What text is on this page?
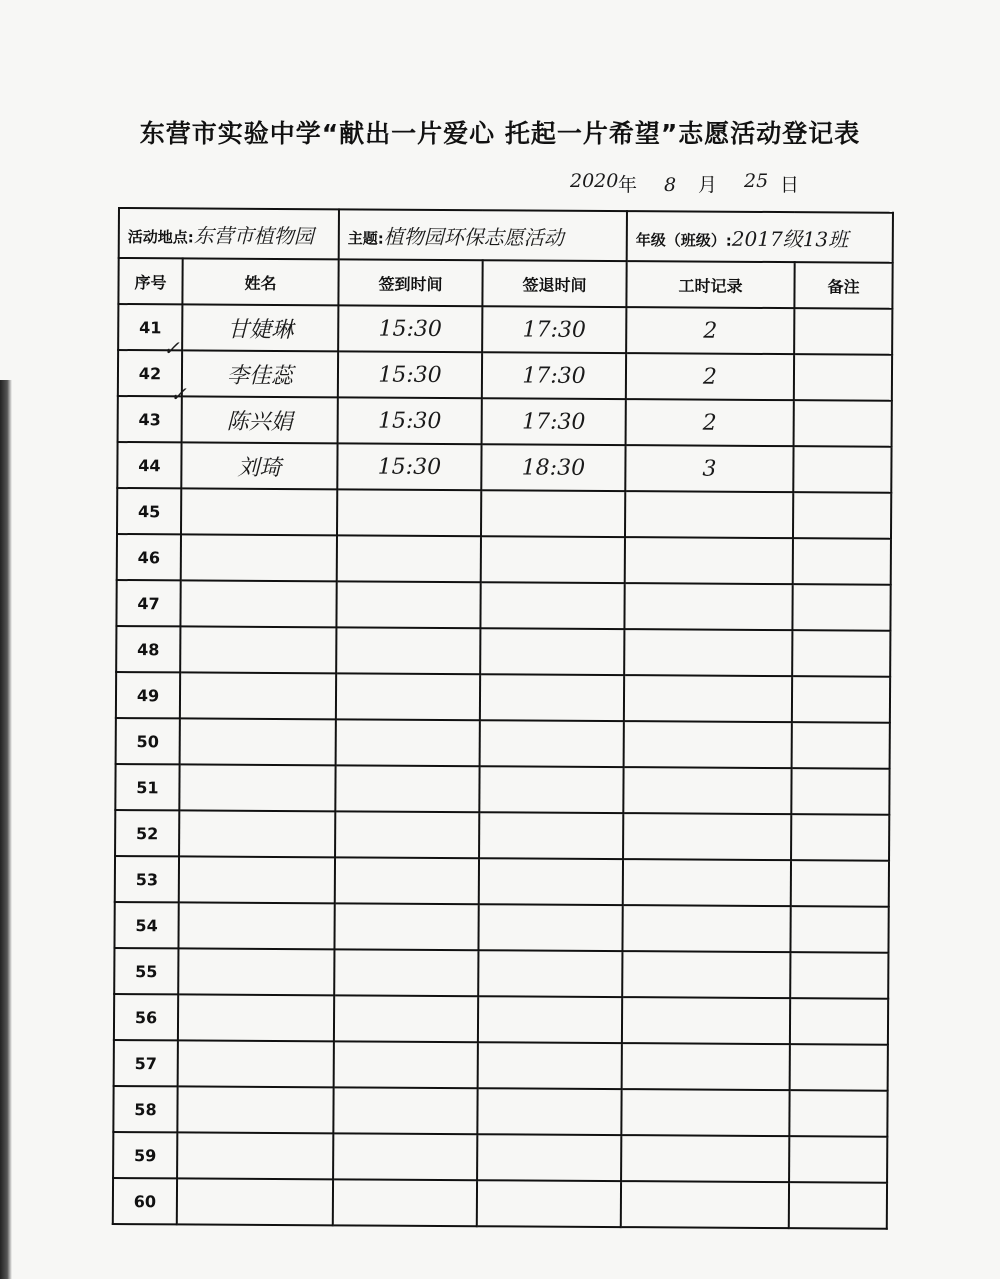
东营市实验中学“献出一片爱心 托起一片希望”志愿活动登记表
2020 年 8 月 25 日
活动地点:东营市植物园		主题:植物园环保志愿活动		年级（班级）:2017级13班	
序号	姓名	签到时间	签退时间	工时记录	备注
41	甘婕琳	15:30	17:30	2	
42	李佳蕊	15:30	17:30	2	
43	陈兴娟	15:30	17:30	2	
44	刘琦	15:30	18:30	3	
45					
46					
47					
48					
49					
50					
51					
52					
53					
54					
55					
56					
57					
58					
59					
60					
✓
✓
